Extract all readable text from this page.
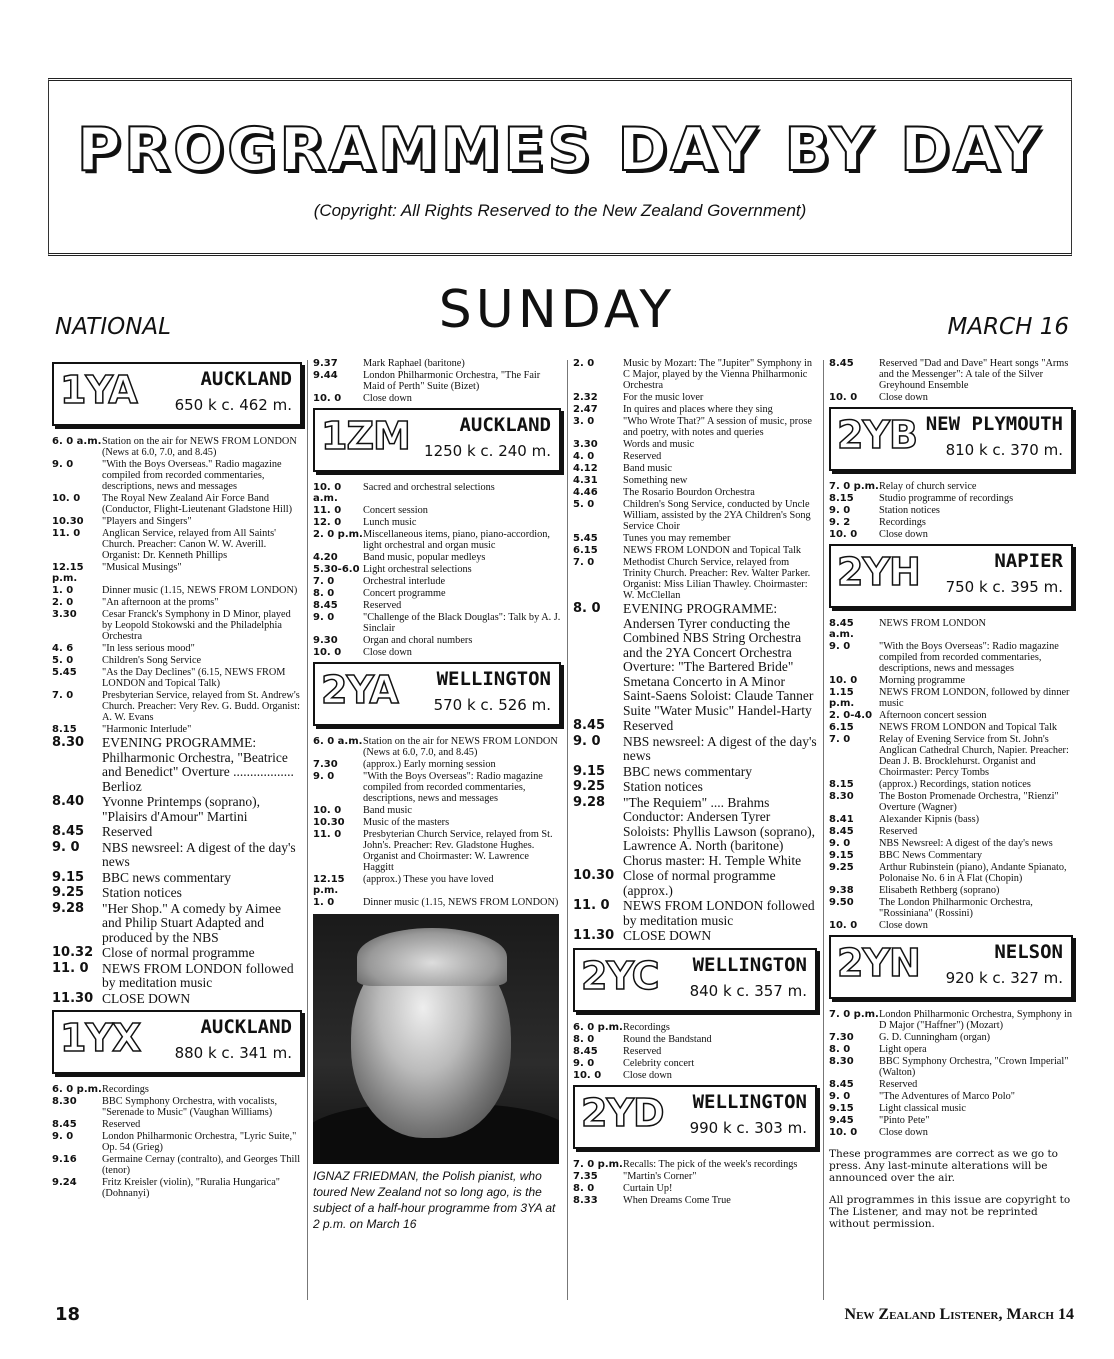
PROGRAMMES DAY BY DAY
(Copyright: All Rights Reserved to the New Zealand Government)
SUNDAY
NATIONAL	MARCH 16
1YA	AUCKLAND
650 k c. 462 m.
6. 0 a.m. Station on the air for NEWS FROM LONDON (News at 6.0, 7.0, and 8.45)
9. 0	"With the Boys Overseas." Radio magazine compiled from recorded commentaries, descriptions, news and messages
10. 0	The Royal New Zealand Air Force Band (Conductor, Flight-Lieutenant Gladstone Hill)
10.30	"Players and Singers"
11. 0	Anglican Service, relayed from All Saints' Church. Preacher: Canon W. W. Averill. Organist: Dr. Kenneth Phillips
12.15 p.m.
"Musical Musings"
1. 0	Dinner music (1.15, NEWS FROM LONDON)
2. 0	"An afternoon at the proms"
3.30	Cesar Franck's Symphony in D Minor, played by Leopold Stokowski and the Philadelphia Orchestra
4. 6	"In less serious mood"
5. 0	Children's Song Service
5.45	"As the Day Declines" (6.15, NEWS FROM LONDON and Topical Talk)
7. 0	Presbyterian Service, relayed from St. Andrew's Church. Preacher: Very Rev. G. Budd. Organist: A. W. Evans
8.15	"Harmonic Interlude"
8.30	EVENING PROGRAMME: Philharmonic Orchestra, "Beatrice and Benedict" Overture .................. Berlioz
8.40	Yvonne Printemps (soprano), "Plaisirs d'Amour" Martini
8.45	Reserved
9. 0	NBS newsreel: A digest of the day's news
9.15	BBC news commentary
9.25	Station notices
9.28	"Her Shop." A comedy by Aimee and Philip Stuart Adapted and produced by the NBS
10.32 Close of normal programme
11. 0 NEWS FROM LONDON followed by meditation music
11.30 CLOSE DOWN
1YX	AUCKLAND
880 k c. 341 m.
6. 0 p.m. Recordings
8.30	BBC Symphony Orchestra, with vocalists, "Serenade to Music" (Vaughan Williams)
8.45	Reserved
9. 0	London Philharmonic Orchestra, "Lyric Suite," Op. 54 (Grieg)
9.16	Germaine Cernay (contralto), and Georges Thill (tenor)
9.24	Fritz Kreisler (violin), "Ruralia Hungarica" (Dohnanyi)
9.37	Mark Raphael (baritone)
9.44	London Philharmonic Orchestra, "The Fair Maid of Perth" Suite (Bizet)
10. 0	Close down
1ZM	AUCKLAND
1250 k c. 240 m.
10. 0 a.m.
Sacred and orchestral selections
11. 0	Concert session
12. 0	Lunch music
2. 0 p.m. Miscellaneous items, piano, piano-accordion, light orchestral and organ music
4.20	Band music, popular medleys
5.30-6.0 Light orchestral selections
7. 0	Orchestral interlude
8. 0	Concert programme
8.45	Reserved
9. 0	"Challenge of the Black Douglas": Talk by A. J. Sinclair
9.30	Organ and choral numbers
10. 0	Close down
2YA WELLINGTON
570 k c. 526 m.
6. 0 a.m. Station on the air for NEWS FROM LONDON (News at 6.0, 7.0, and 8.45)
7.30	(approx.) Early morning session
9. 0	"With the Boys Overseas": Radio magazine compiled from recorded commentaries, descriptions, news and messages
10. 0	Band music
10.30	Music of the masters
11. 0	Presbyterian Church Service, relayed from St. John's. Preacher: Rev. Gladstone Hughes. Organist and Choirmaster: W. Lawrence Haggitt
12.15 p.m.
(approx.) These you have loved
1. 0	Dinner music (1.15, NEWS FROM LONDON)
IGNAZ FRIEDMAN, the Polish pianist, who toured New Zealand not so long ago, is the subject of a half-hour programme from 3YA at 2 p.m. on March 16
2. 0	Music by Mozart: The "Jupiter" Symphony in C Major, played by the Vienna Philharmonic Orchestra
2.32	For the music lover
2.47	In quires and places where they sing
3. 0	"Who Wrote That?" A session of music, prose and poetry, with notes and queries
3.30	Words and music
4. 0	Reserved
4.12	Band music
4.31	Something new
4.46	The Rosario Bourdon Orchestra
5. 0	Children's Song Service, conducted by Uncle William, assisted by the 2YA Children's Song Service Choir
5.45	Tunes you may remember
6.15	NEWS FROM LONDON and Topical Talk
7. 0	Methodist Church Service, relayed from Trinity Church. Preacher: Rev. Walter Parker. Organist: Miss Lilian Thawley. Choirmaster: W. McClellan
8. 0	EVENING PROGRAMME: Andersen Tyrer conducting the Combined NBS String Orchestra and the 2YA Concert Orchestra Overture: "The Bartered Bride" Smetana Concerto in A Minor Saint-Saens Soloist: Claude Tanner Suite "Water Music" Handel-Harty
8.45	Reserved
9. 0	NBS newsreel: A digest of the day's news
9.15	BBC news commentary
9.25	Station notices
9.28	"The Requiem" .... Brahms Conductor: Andersen Tyrer Soloists: Phyllis Lawson (soprano), Lawrence A. North (baritone) Chorus master: H. Temple White
10.30 Close of normal programme (approx.)
11. 0 NEWS FROM LONDON followed by meditation music
11.30 CLOSE DOWN
2YC WELLINGTON
840 k c. 357 m.
6. 0 p.m. Recordings
8. 0	Round the Bandstand
8.45	Reserved
9. 0	Celebrity concert
10. 0	Close down
2YD WELLINGTON
990 k c. 303 m.
7. 0 p.m. Recalls: The pick of the week's recordings
7.35	"Martin's Corner"
8. 0	Curtain Up!
8.33	When Dreams Come True
8.45	Reserved "Dad and Dave" Heart songs "Arms and the Messenger": A tale of the Silver Greyhound Ensemble
10. 0	Close down
2YB NEW PLYMOUTH
810 k c. 370 m.
7. 0 p.m. Relay of church service
8.15	Studio programme of recordings
9. 0	Station notices
9. 2	Recordings
10. 0	Close down
2YH	NAPIER
750 k c. 395 m.
8.45 a.m.
NEWS FROM LONDON
9. 0	"With the Boys Overseas": Radio magazine compiled from recorded commentaries, descriptions, news and messages
10. 0	Morning programme
1.15 p.m.
NEWS FROM LONDON, followed by dinner music
2. 0-4.0 Afternoon concert session
6.15	NEWS FROM LONDON and Topical Talk
7. 0	Relay of Evening Service from St. John's Anglican Cathedral Church, Napier. Preacher: Dean J. B. Brocklehurst. Organist and Choirmaster: Percy Tombs
8.15	(approx.) Recordings, station notices
8.30	The Boston Promenade Orchestra, "Rienzi" Overture (Wagner)
8.41	Alexander Kipnis (bass)
8.45	Reserved
9. 0	NBS Newsreel: A digest of the day's news
9.15	BBC News Commentary
9.25	Arthur Rubinstein (piano), Andante Spianato, Polonaise No. 6 in A Flat (Chopin)
9.38	Elisabeth Rethberg (soprano)
9.50	The London Philharmonic Orchestra, "Rossiniana" (Rossini)
10. 0	Close down
2YN	NELSON
920 k c. 327 m.
7. 0 p.m. London Philharmonic Orchestra, Symphony in D Major ("Haffner") (Mozart)
7.30	G. D. Cunningham (organ)
8. 0	Light opera
8.30	BBC Symphony Orchestra, "Crown Imperial" (Walton)
8.45	Reserved
9. 0	"The Adventures of Marco Polo"
9.15	Light classical music
9.45	"Pinto Pete"
10. 0	Close down
These programmes are correct as we go to press. Any last-minute alterations will be announced over the air.
All programmes in this issue are copyright to The Listener, and may not be reprinted without permission.
18	New Zealand Listener, March 14
